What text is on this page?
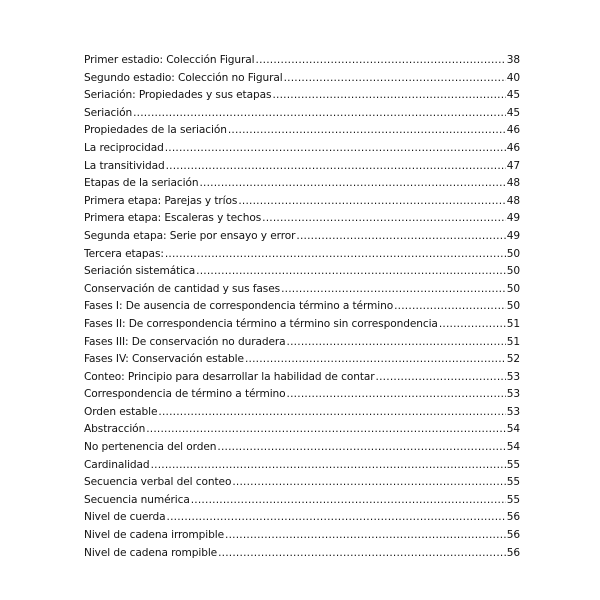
Primer estadio: Colección Figural .....	38
Segundo estadio: Colección no Figural .....	40
Seriación: Propiedades y sus etapas .....	45
Seriación .....	45
Propiedades de la seriación .....	46
La reciprocidad .....	46
La transitividad .....	47
Etapas de la seriación .....	48
Primera etapa: Parejas y tríos .....	48
Primera etapa: Escaleras y techos .....	49
Segunda etapa: Serie por ensayo y error .....	49
Tercera etapas: .....	50
Seriación sistemática .....	50
Conservación de cantidad y sus fases .....	50
Fases I: De ausencia de correspondencia término a término .....	50
Fases II: De correspondencia término a término sin correspondencia .....	51
Fases III: De conservación no duradera .....	51
Fases IV: Conservación estable .....	52
Conteo: Principio para desarrollar la habilidad de contar .....	53
Correspondencia de término a término .....	53
Orden estable .....	53
Abstracción .....	54
No pertenencia del orden .....	54
Cardinalidad .....	55
Secuencia verbal del conteo .....	55
Secuencia numérica .....	55
Nivel de cuerda .....	56
Nivel de cadena irrompible .....	56
Nivel de cadena rompible .....	56
